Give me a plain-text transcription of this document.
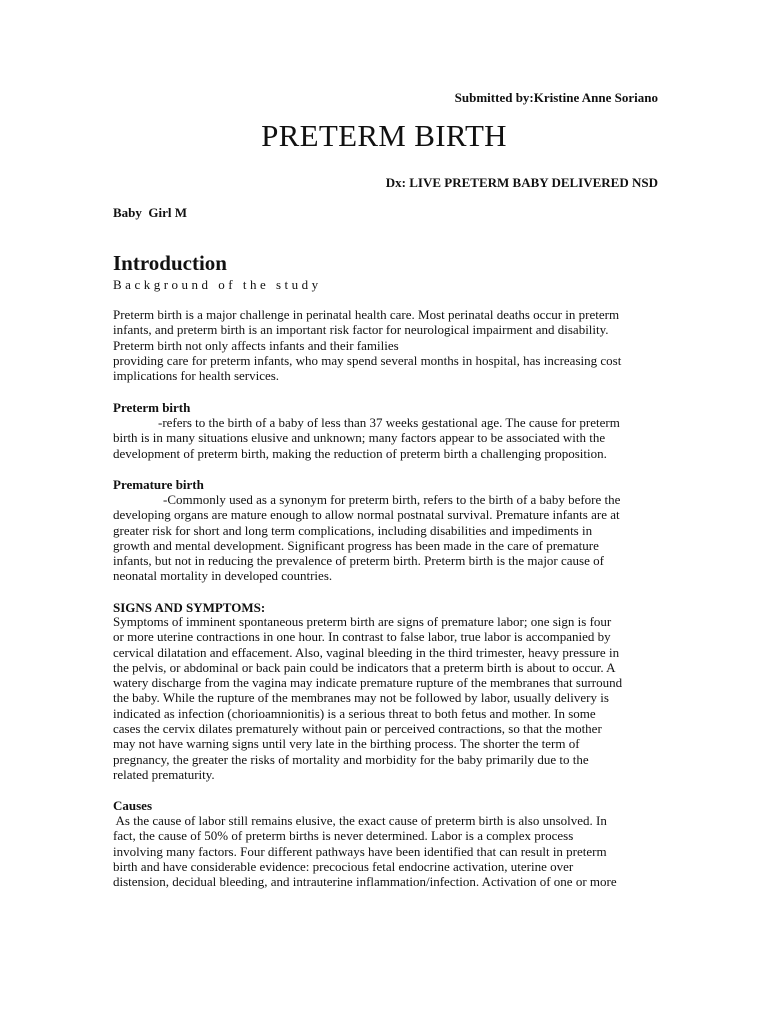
Submitted by:Kristine Anne Soriano

PRETERM BIRTH

Dx: LIVE PRETERM BABY DELIVERED NSD

Baby  Girl M

Introduction

Background of the study

Preterm birth is a major challenge in perinatal health care. Most perinatal deaths occur in preterm
infants, and preterm birth is an important risk factor for neurological impairment and disability.
Preterm birth not only affects infants and their families
providing care for preterm infants, who may spend several months in hospital, has increasing cost
implications for health services.

Preterm birth

-refers to the birth of a baby of less than 37 weeks gestational age. The cause for preterm
birth is in many situations elusive and unknown; many factors appear to be associated with the
development of preterm birth, making the reduction of preterm birth a challenging proposition.

Premature birth

-Commonly used as a synonym for preterm birth, refers to the birth of a baby before the
developing organs are mature enough to allow normal postnatal survival. Premature infants are at
greater risk for short and long term complications, including disabilities and impediments in
growth and mental development. Significant progress has been made in the care of premature
infants, but not in reducing the prevalence of preterm birth. Preterm birth is the major cause of
neonatal mortality in developed countries.

SIGNS AND SYMPTOMS:

Symptoms of imminent spontaneous preterm birth are signs of premature labor; one sign is four
or more uterine contractions in one hour. In contrast to false labor, true labor is accompanied by
cervical dilatation and effacement. Also, vaginal bleeding in the third trimester, heavy pressure in
the pelvis, or abdominal or back pain could be indicators that a preterm birth is about to occur. A
watery discharge from the vagina may indicate premature rupture of the membranes that surround
the baby. While the rupture of the membranes may not be followed by labor, usually delivery is
indicated as infection (chorioamnionitis) is a serious threat to both fetus and mother. In some
cases the cervix dilates prematurely without pain or perceived contractions, so that the mother
may not have warning signs until very late in the birthing process. The shorter the term of
pregnancy, the greater the risks of mortality and morbidity for the baby primarily due to the
related prematurity.

Causes

As the cause of labor still remains elusive, the exact cause of preterm birth is also unsolved. In
fact, the cause of 50% of preterm births is never determined. Labor is a complex process
involving many factors. Four different pathways have been identified that can result in preterm
birth and have considerable evidence: precocious fetal endocrine activation, uterine over
distension, decidual bleeding, and intrauterine inflammation/infection. Activation of one or more
